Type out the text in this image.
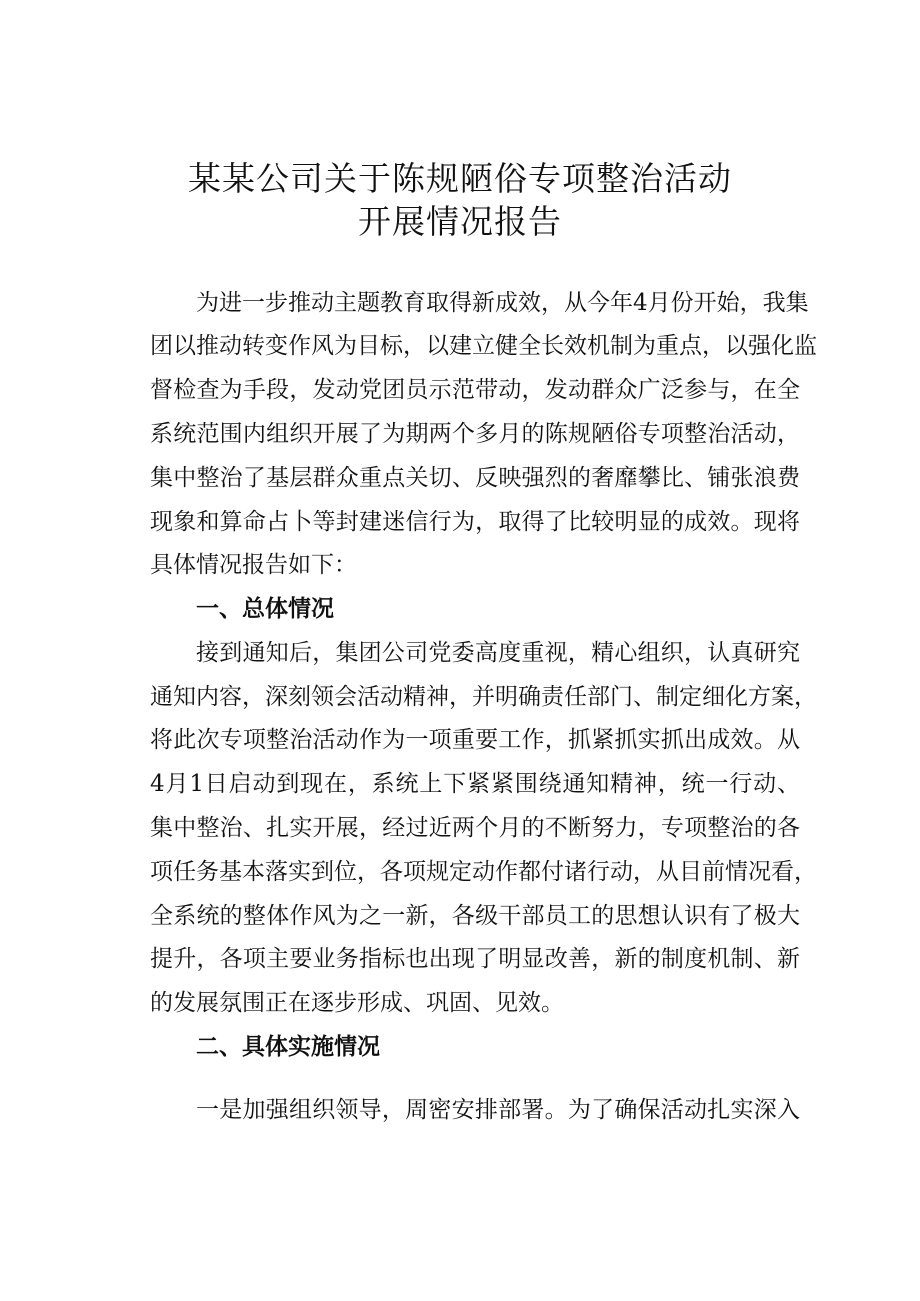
某某公司关于陈规陋俗专项整治活动
开展情况报告

为进一步推动主题教育取得新成效，从今年4月份开始，我集

团以推动转变作风为目标，以建立健全长效机制为重点，以强化监

督检查为手段，发动党团员示范带动，发动群众广泛参与，在全

系统范围内组织开展了为期两个多月的陈规陋俗专项整治活动，

集中整治了基层群众重点关切、反映强烈的奢靡攀比、铺张浪费

现象和算命占卜等封建迷信行为，取得了比较明显的成效。现将

具体情况报告如下：

一、总体情况

接到通知后，集团公司党委高度重视，精心组织，认真研究

通知内容，深刻领会活动精神，并明确责任部门、制定细化方案，

将此次专项整治活动作为一项重要工作，抓紧抓实抓出成效。从

4月1日启动到现在，系统上下紧紧围绕通知精神，统一行动、

集中整治、扎实开展，经过近两个月的不断努力，专项整治的各

项任务基本落实到位，各项规定动作都付诸行动，从目前情况看，

全系统的整体作风为之一新，各级干部员工的思想认识有了极大

提升，各项主要业务指标也出现了明显改善，新的制度机制、新

的发展氛围正在逐步形成、巩固、见效。

二、具体实施情况

一是加强组织领导，周密安排部署。为了确保活动扎实深入
